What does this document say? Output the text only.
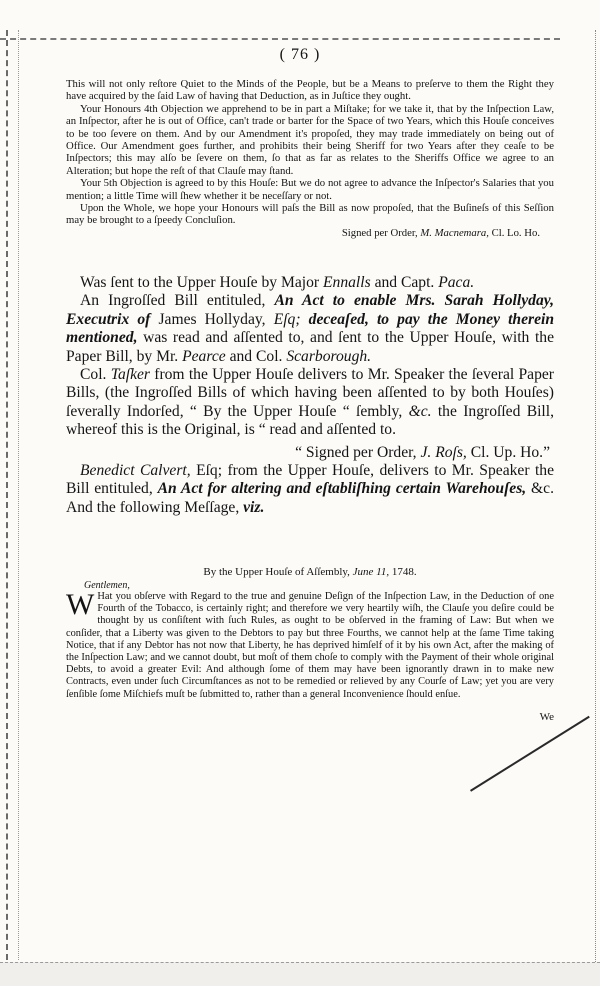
( 76 )

This will not only reſtore Quiet to the Minds of the People, but be a Means to preſerve to them the Right they have acquired by the ſaid Law of having that Deduction, as in Juſtice they ought.

Your Honours 4th Objection we apprehend to be in part a Miſtake; for we take it, that by the Inſpection Law, an Inſpector, after he is out of Office, can't trade or barter for the Space of two Years, which this Houſe conceives to be too ſevere on them. And by our Amendment it's propoſed, they may trade immediately on being out of Office. Our Amendment goes further, and prohibits their being Sheriff for two Years after they ceaſe to be Inſpectors; this may alſo be ſevere on them, ſo that as far as relates to the Sheriffs Office we agree to an Alteration; but hope the reſt of that Clauſe may ſtand.

Your 5th Objection is agreed to by this Houſe: But we do not agree to advance the Inſpector's Salaries that you mention; a little Time will ſhew whether it be neceſſary or not.

Upon the Whole, we hope your Honours will paſs the Bill as now propoſed, that the Buſineſs of this Seſſion may be brought to a ſpeedy Concluſion.

Signed per Order, M. Macnemara, Cl. Lo. Ho.

Was ſent to the Upper Houſe by Major Ennalls and Capt. Paca.

An Ingroſſed Bill entituled, An Act to enable Mrs. Sarah Hollyday, Executrix of James Hollyday, Eſq; deceaſed, to pay the Money therein mentioned, was read and aſſented to, and ſent to the Upper Houſe, with the Paper Bill, by Mr. Pearce and Col. Scarborough.

Col. Taſker from the Upper Houſe delivers to Mr. Speaker the ſeveral Paper Bills, (the Ingroſſed Bills of which having been aſſented to by both Houſes) ſeverally Indorſed, “ By the Upper Houſe “ ſembly, &c. the Ingroſſed Bill, whereof this is the Original, is “ read and aſſented to.

“ Signed per Order, J. Roſs, Cl. Up. Ho.”

Benedict Calvert, Eſq; from the Upper Houſe, delivers to Mr. Speaker the Bill entituled, An Act for altering and eſtabliſhing certain Warehouſes, &c. And the following Meſſage, viz.

By the Upper Houſe of Aſſembly, June 11, 1748.
Gentlemen,

W Hat you obſerve with Regard to the true and genuine Deſign of the Inſpection Law, in the Deduction of one Fourth of the Tobacco, is certainly right; and therefore we very heartily wiſh, the Clauſe you deſire could be thought by us conſiſtent with ſuch Rules, as ought to be obſerved in the framing of Law: But when we conſider, that a Liberty was given to the Debtors to pay but three Fourths, we cannot help at the ſame Time taking Notice, that if any Debtor has not now that Liberty, he has deprived himſelf of it by his own Act, after the making of the Inſpection Law; and we cannot doubt, but moſt of them choſe to comply with the Payment of their whole original Debts, to avoid a greater Evil: And although ſome of them may have been ignorantly drawn in to make new Contracts, even under ſuch Circumſtances as not to be remedied or relieved by any Courſe of Law; yet you are very ſenſible ſome Miſchiefs muſt be ſubmitted to, rather than a general Inconvenience ſhould enſue.

We
